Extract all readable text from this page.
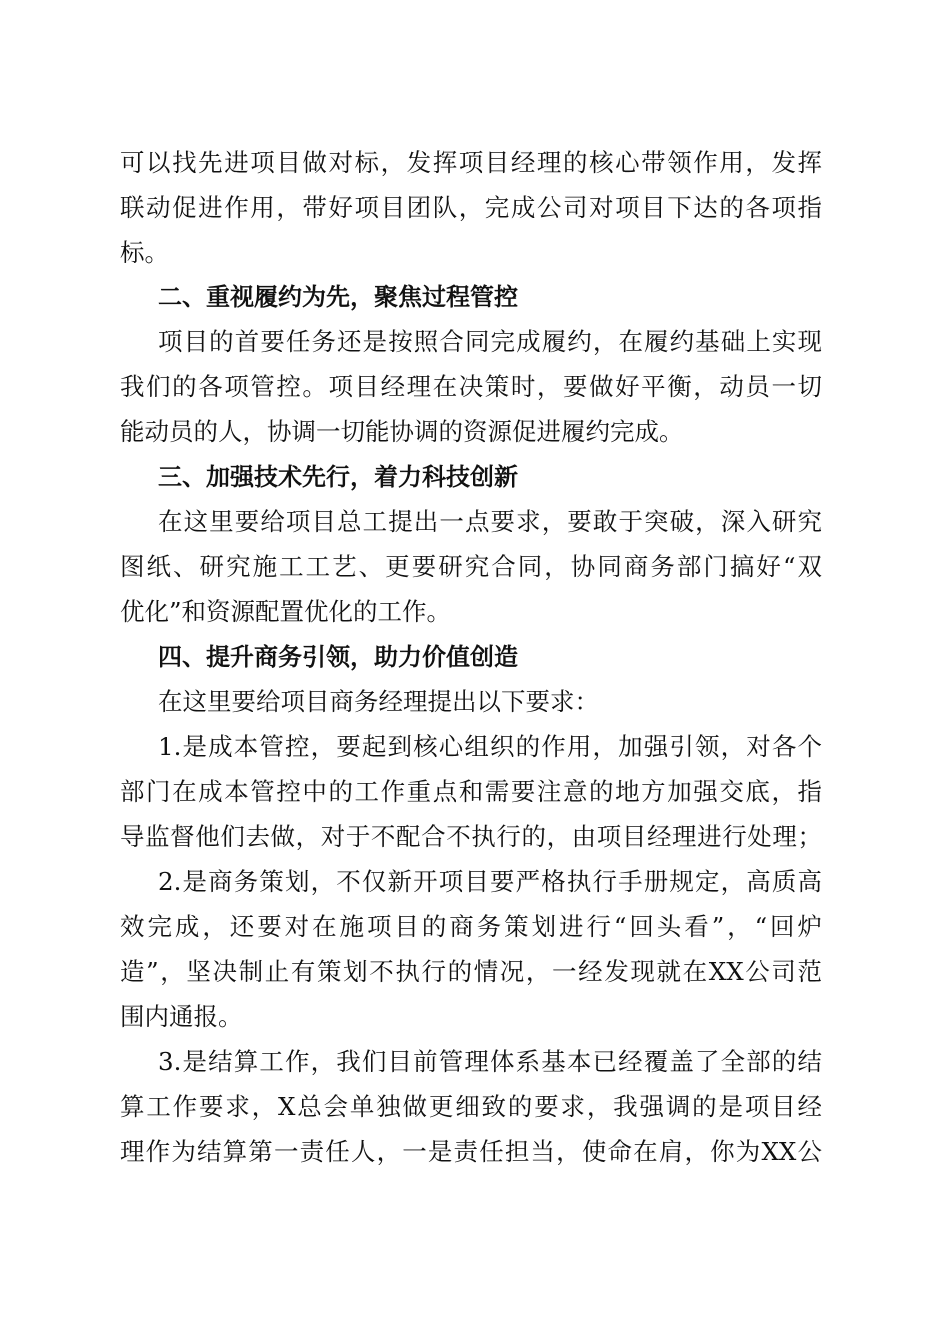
可以找先进项目做对标，发挥项目经理的核心带领作用，发挥
联动促进作用，带好项目团队，完成公司对项目下达的各项指
标。
二、重视履约为先，聚焦过程管控
项目的首要任务还是按照合同完成履约，在履约基础上实现
我们的各项管控。项目经理在决策时，要做好平衡，动员一切
能动员的人，协调一切能协调的资源促进履约完成。
三、加强技术先行，着力科技创新
在这里要给项目总工提出一点要求，要敢于突破，深入研究
图纸、研究施工工艺、更要研究合同，协同商务部门搞好“双
优化”和资源配置优化的工作。
四、提升商务引领，助力价值创造
在这里要给项目商务经理提出以下要求：
1.是成本管控，要起到核心组织的作用，加强引领，对各个
部门在成本管控中的工作重点和需要注意的地方加强交底，指
导监督他们去做，对于不配合不执行的，由项目经理进行处理；
2.是商务策划，不仅新开项目要严格执行手册规定，高质高
效完成，还要对在施项目的商务策划进行“回头看”，“回炉
造”，坚决制止有策划不执行的情况，一经发现就在XX公司范
围内通报。
3.是结算工作，我们目前管理体系基本已经覆盖了全部的结
算工作要求，X总会单独做更细致的要求，我强调的是项目经
理作为结算第一责任人，一是责任担当，使命在肩，你为XX公
